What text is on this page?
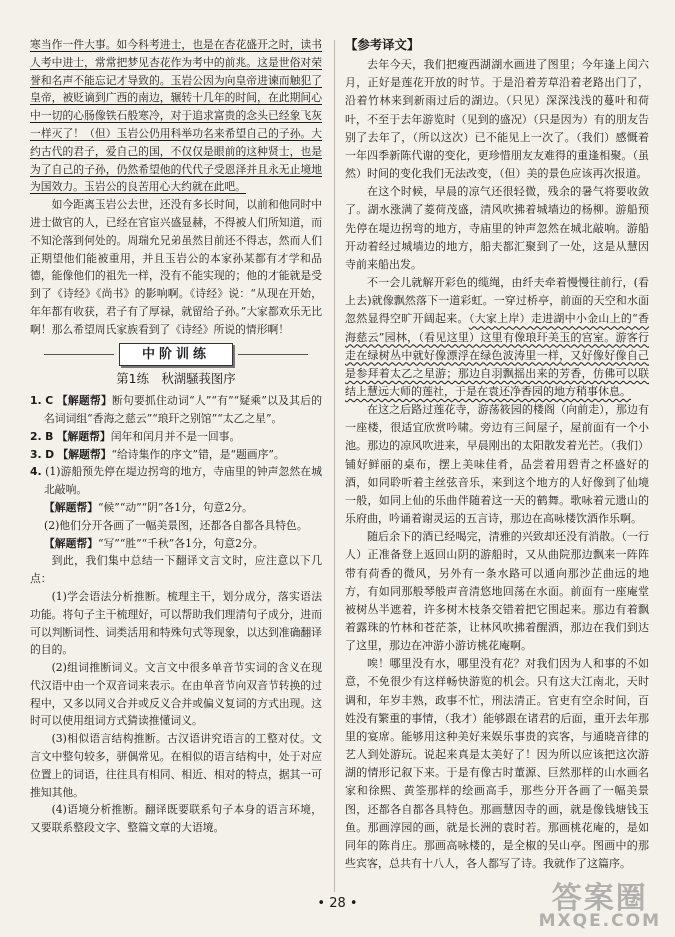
寒当作一件大事。如今科考进士，也是在杏花盛开之时，读书人考中进士，常常把梦见杏花作为考中的前兆。这是世俗对荣誉和名声不能忘记才导致的。玉岩公因为向皇帝进谏而触犯了皇帝，被贬谪到广西的南边，辗转十几年的时间，在此期间心中一切的心肠像铁石般寒冷，对于追求富贵的念头已经象飞灰一样灭了！（但）玉岩公仍用科举功名来希望自己的子孙。大约古代的君子，爱自己的国，不仅仅是眼前的这种贤士，也是为了自己的子孙，仍然希望他的代代子受恩泽并且永无止境地为国效力。玉岩公的良苦用心大约就在此吧。

如今距离玉岩公去世，还没有多长时间，以前和他同时中进士做官的人，已经在官宦兴盛显赫，不得被人们所知道，而不知沦落到何处的。周瑞允兄弟虽然目前还不得志，然而人们正期望他们能被重用，并且玉岩公的本家孙某都有才学和品德，能像他们的祖先一样，没有不能实现的；他的才能就是受到了《诗经》《尚书》的影响啊。《诗经》说：“从现在开始，年年都有收获，君子有了厚禄，就留给子孙。”大家都欢乐无比啊！那么希望周氏家族看到了《诗经》所说的情形啊！

中阶训练
第1练　秋湖騒莪图序

1. C 【解题帮】断句要抓住动词“人”“有”“疑乘”以及其后的名词词组“香海之慈云”“琅玕之别馆”“太乙之星”。

2. B 【解题帮】闰年和闰月并不是一回事。

3. D 【解题帮】“给诗集作的序文”错，是“题画序”。

4. (1)游船预先停在堤边拐弯的地方，寺庙里的钟声忽然在城北敲响。

【解题帮】“候”“动”“阴”各1分，句意2分。

(2)他们分开各画了一幅美景图，还都各自都各具特色。

【解题帮】“写”“胜”“千秋”各1分，句意2分。

到此，我们集中总结一下翻译文言文时，应注意以下几点：

(1)学会语法分析推断。梳理主干，划分成分，落实语法功能。将句子主干梳理好，可以帮助我们理清句子成分，进而可以判断词性、词类活用和特殊句式等现象，以达到准确翻译的目的。

(2)组词推断词义。文言文中很多单音节实词的含义在现代汉语中由一个双音词来表示。在由单音节向双音节转换的过程中，又多以同义合并或反义合并或偏义复词的方式出现。这时可以使用组词方式猜读推懂词义。

(3)相似语言结构推断。古汉语讲究语言的工整对仗。文言文中整句较多，骈偶常见。在相似的语言结构中，处于对应位置上的词语，往往具有相同、相近、相对的特点，据其一可推知其他。

(4)语境分析推断。翻译既要联系句子本身的语言环境，又要联系整段文字、整篇文章的大语境。

【参考译文】

去年今天，我们把瘦西湖湖水画进了图里；今年逢上闰六月，正好是莲花开放的时节。于是沿着芳草沿着老路出门了，沿着竹林来到新雨过后的湖边。（只见）深深浅浅的蔓叶和荷叶，不至于去年游览时（见到的盛况）（只是因为）有的朋友告别了去年了，（所以这次）已不能见上一次了。（我们）感慨着一年四季新陈代谢的变化，更珍惜朋友友难得的重逢相聚。（虽然）时间的变化我们无法改变，（但）美的景色应该再次报道。

在这个时候，早晨的凉气还很轻微，残余的暑气将要收敛了。湖水涨满了菱荷茂盛，清风吹拂着城墙边的杨柳。游船预先停在堤边拐弯的地方，寺庙里的钟声忽然在城北敲响。游船开动着经过城墙边的地方，船夫都汇聚到了一处，这是从慧因寺前来船出发。

不一会儿就解开彩色的缆绳，由纤夫牵着慢慢往前行，(看上去)就像飘然落下一道彩虹。一穿过桥亭，前面的天空和水面忽然显得空旷开阔起来。（大家上岸）走进湖中小金山上的“香海慈云”园林，（看见这里）这里有像琅玕美玉的宫室。游客行走在绿树丛中就好像漂浮在绿色波涛里一样，又好像好像自己是参拜着太乙之星游；那边自羽飘摇出来的芳香，仿佛可以联结上慧远大师的莲社，于是在袁还净香园的地方稍事休息。

在这之后路过莲花寺，游荡筱园的楼阁（向前走），那边有一座楼，很适宜欣赏吟啸。旁边有三间屋子，屋前面有一个小池。那边的凉风吹进来，早晨刚出的太阳散发着光芒。（我们）铺好鲜丽的桌布，摆上美味佳肴，品尝着用碧青之杯盛好的酒，如同聆听着主丝弦音乐，来到这个地方的人好像到了仙境一般，如同上仙的乐曲伴随着这一天的鹤舞。歌咏着元遗山的乐府曲，吟诵着谢灵运的五言诗，那边在高咏楼饮酒作乐啊。

随后余下的酒已经喝完，清雅的兴致却还没有消散。（一行人）正准备登上返回山阴的游船时，又从曲院那边飘来一阵阵带有荷香的微风，另外有一条水路可以通向那沙芷曲远的地方，有如同那般琴般声音清悠地回荡在水面。前面有一座庵堂被树丛半遮着，许多树木枝条交错着把它围起来。那边有着飘着露珠的竹林和苍茫茶，让林风吹拂着醒酒，那边在我们到达了这里，那边在冲游小游访桃花庵啊。

唉！哪里没有水，哪里没有花？对我们因为人和事的不如意，不免很少有这样畅快游览的机会。只有这大江南北，天时调和，年岁丰熟，政事不忙，刑法清正。官吏有空余时间，百姓没有繁重的事情，（我才）能够跟在诸君的后面，重开去年那里的宴席。能够用这种美好来娱乐事贵的宾客，与通晓音律的艺人到处游玩。说起来真是太美好了！因为所以应该把这次游湖的情形记叙下来。于是有像古时董源、巨然那样的山水画名家和徐熙、黄筌那样的绘画高手，那些分开各画了一幅美景图，还都各自都各具特色。那画慧因寺的画，就是像钱塘钱玉鱼。那画淳园的画，就是长洲的袁时若。那画桃花庵的，是如同年的陈肖庄。那画高咏楼的，是全椒的吴山亭。图画中的那些宾客，总共有十八人，各人都写了诗。我就作了这篇序。

• 28 •	答案圈
MXQE.COM
